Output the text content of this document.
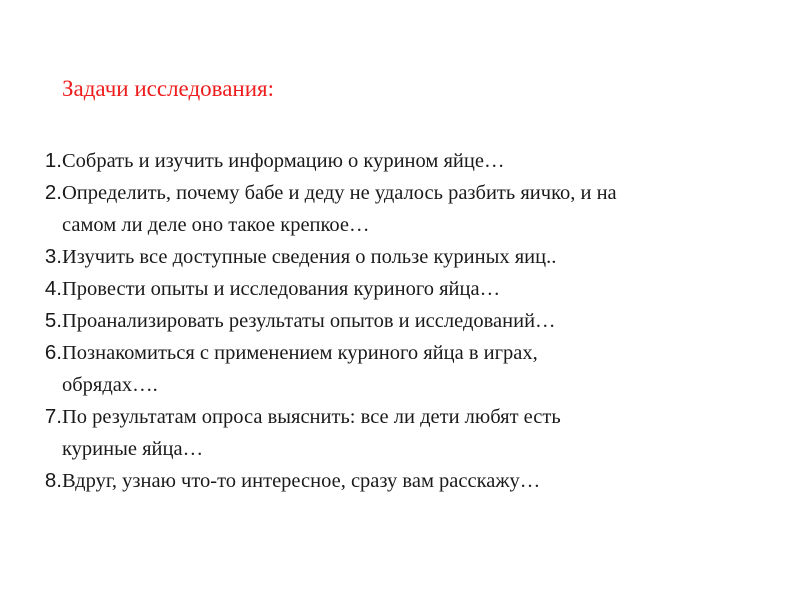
Задачи исследования:
1. Собрать и изучить информацию о курином яйце…
2. Определить, почему бабе и деду не удалось разбить яичко, и на
самом ли деле оно такое крепкое…
3. Изучить все доступные сведения о пользе куриных яиц..
4. Провести опыты и исследования куриного яйца…
5. Проанализировать результаты опытов и исследований…
6. Познакомиться с применением куриного яйца в играх,
обрядах….
7. По результатам опроса выяснить: все ли дети любят есть
куриные яйца…
8. Вдруг, узнаю что-то интересное, сразу вам расскажу…
